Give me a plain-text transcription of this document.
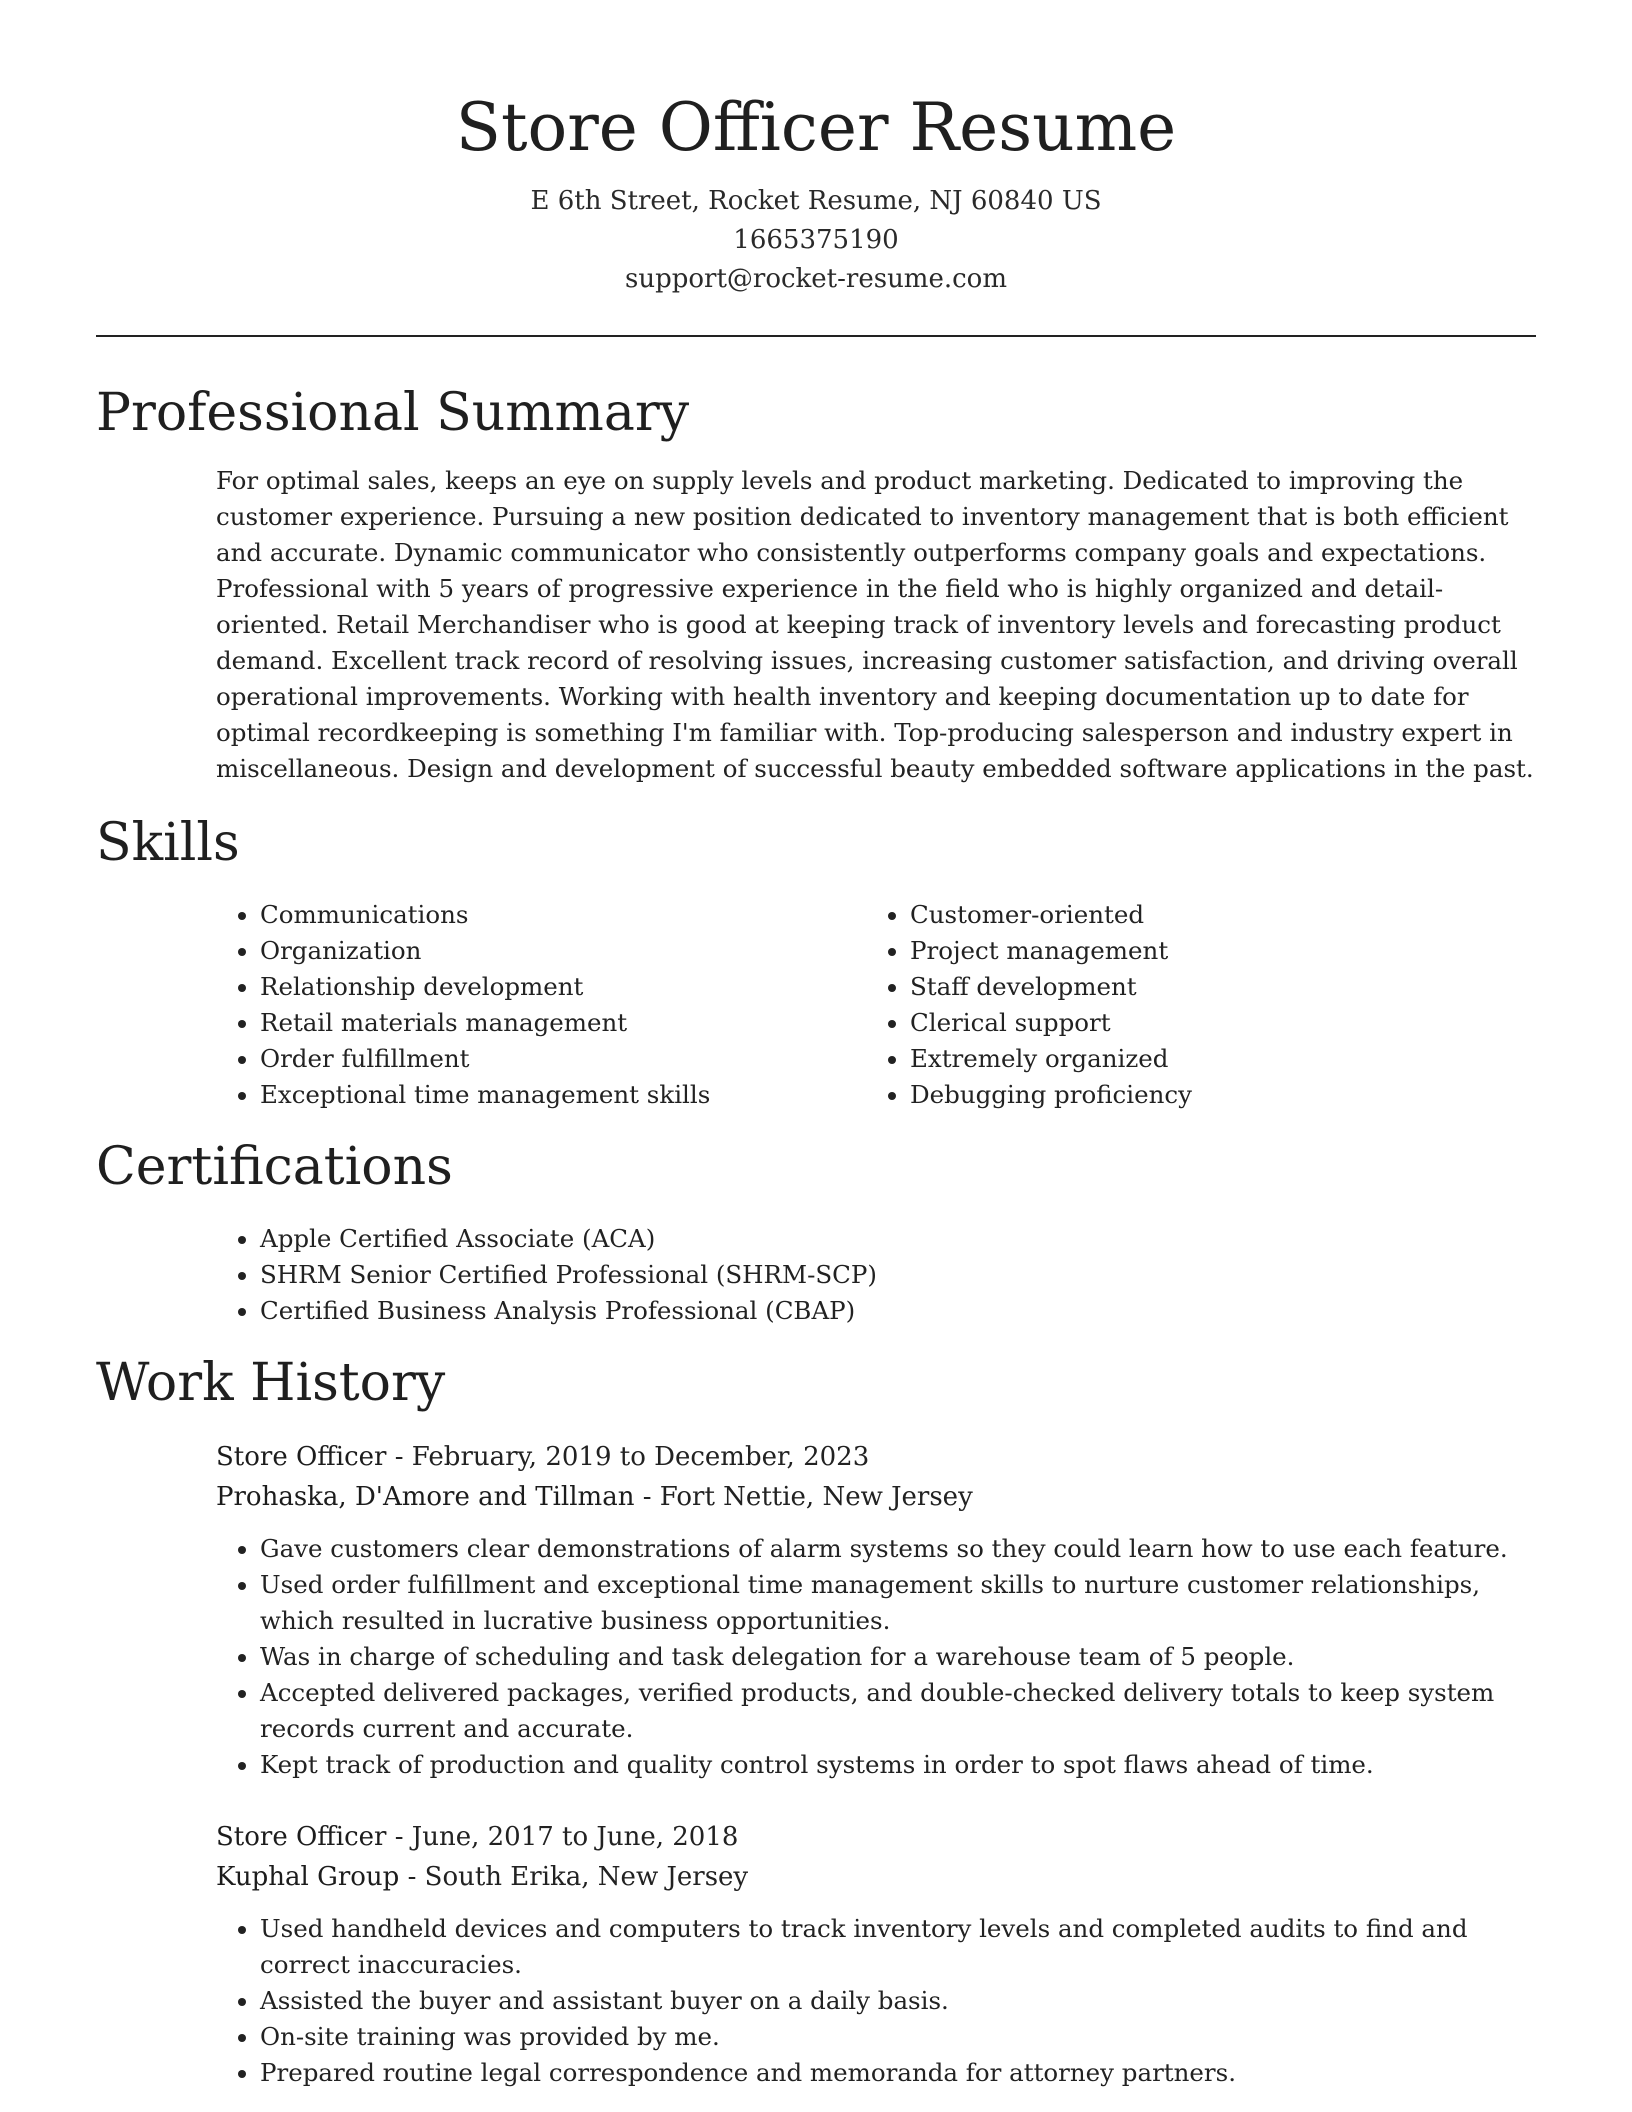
Store Officer Resume
E 6th Street, Rocket Resume, NJ 60840 US
1665375190
support@rocket-resume.com
Professional Summary
For optimal sales, keeps an eye on supply levels and product marketing. Dedicated to improving the customer experience. Pursuing a new position dedicated to inventory management that is both efficient and accurate. Dynamic communicator who consistently outperforms company goals and expectations. Professional with 5 years of progressive experience in the field who is highly organized and detail-oriented. Retail Merchandiser who is good at keeping track of inventory levels and forecasting product demand. Excellent track record of resolving issues, increasing customer satisfaction, and driving overall operational improvements. Working with health inventory and keeping documentation up to date for optimal recordkeeping is something I'm familiar with. Top-producing salesperson and industry expert in miscellaneous. Design and development of successful beauty embedded software applications in the past.
Skills
• Communications
• Organization
• Relationship development
• Retail materials management
• Order fulfillment
• Exceptional time management skills
• Customer-oriented
• Project management
• Staff development
• Clerical support
• Extremely organized
• Debugging proficiency
Certifications
• Apple Certified Associate (ACA)
• SHRM Senior Certified Professional (SHRM-SCP)
• Certified Business Analysis Professional (CBAP)
Work History
Store Officer - February, 2019 to December, 2023
Prohaska, D'Amore and Tillman - Fort Nettie, New Jersey
• Gave customers clear demonstrations of alarm systems so they could learn how to use each feature.
• Used order fulfillment and exceptional time management skills to nurture customer relationships, which resulted in lucrative business opportunities.
• Was in charge of scheduling and task delegation for a warehouse team of 5 people.
• Accepted delivered packages, verified products, and double-checked delivery totals to keep system records current and accurate.
• Kept track of production and quality control systems in order to spot flaws ahead of time.
Store Officer - June, 2017 to June, 2018
Kuphal Group - South Erika, New Jersey
• Used handheld devices and computers to track inventory levels and completed audits to find and correct inaccuracies.
• Assisted the buyer and assistant buyer on a daily basis.
• On-site training was provided by me.
• Prepared routine legal correspondence and memoranda for attorney partners.
